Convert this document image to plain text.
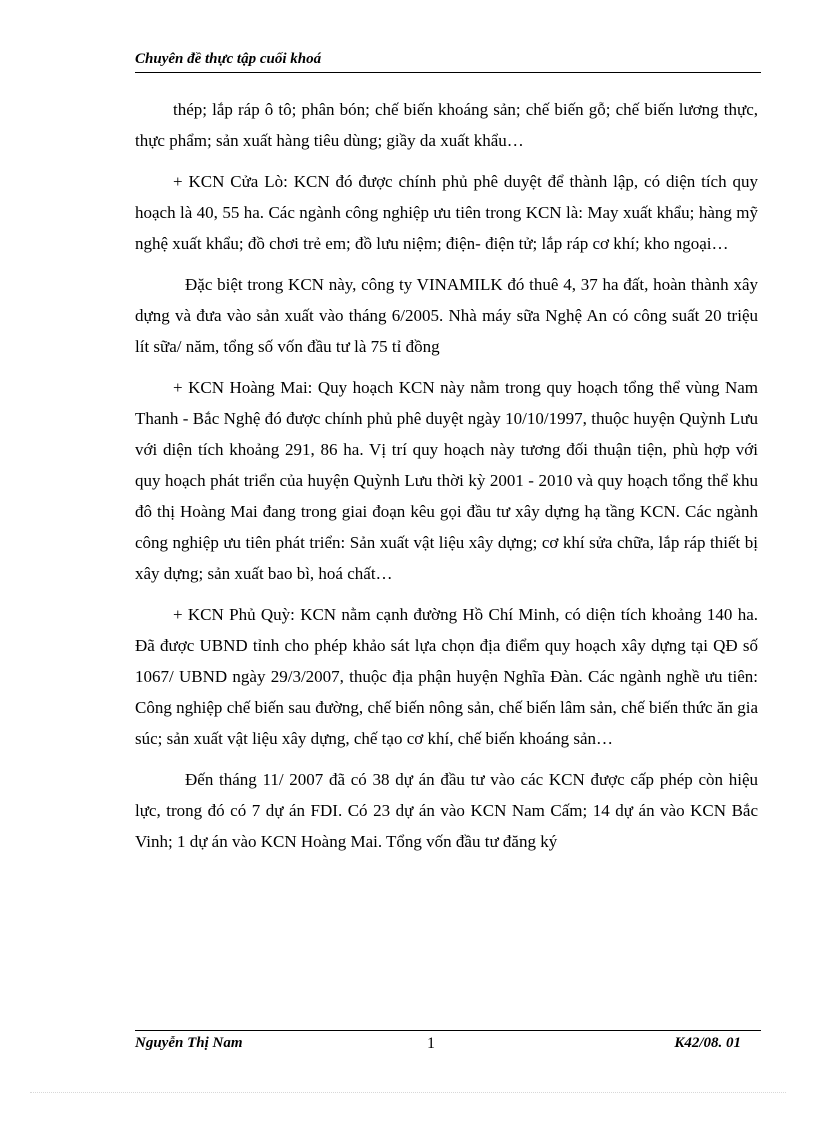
Chuyên đề thực tập cuối khoá

thép; lắp ráp ô tô; phân bón; chế biến khoáng sản; chế biến gỗ; chế biến lương thực, thực phẩm; sản xuất hàng tiêu dùng; giầy da xuất khẩu…

+ KCN Cửa Lò: KCN đó được chính phủ phê duyệt để thành lập, có diện tích quy hoạch là 40, 55 ha. Các ngành công nghiệp ưu tiên trong KCN là: May xuất khẩu; hàng mỹ nghệ xuất khẩu; đồ chơi trẻ em; đồ lưu niệm; điện- điện tử; lắp ráp cơ khí; kho ngoại…

Đặc biệt trong KCN này, công ty VINAMILK đó thuê 4, 37 ha đất, hoàn thành xây dựng và đưa vào sản xuất vào tháng 6/2005. Nhà máy sữa Nghệ An có công suất 20 triệu lít sữa/ năm, tổng số vốn đầu tư là 75 tỉ đồng

+ KCN Hoàng Mai: Quy hoạch KCN này nằm trong quy hoạch tổng thể vùng Nam Thanh - Bắc Nghệ đó được chính phủ phê duyệt ngày 10/10/1997, thuộc huyện Quỳnh Lưu với diện tích khoảng 291, 86 ha. Vị trí quy hoạch này tương đối thuận tiện, phù hợp với quy hoạch phát triển của huyện Quỳnh Lưu thời kỳ 2001 - 2010 và quy hoạch tổng thể khu đô thị Hoàng Mai đang trong giai đoạn kêu gọi đầu tư xây dựng hạ tầng KCN. Các ngành công nghiệp ưu tiên phát triển: Sản xuất vật liệu xây dựng; cơ khí sửa chữa, lắp ráp thiết bị xây dựng; sản xuất bao bì, hoá chất…

+ KCN Phủ Quỳ: KCN nằm cạnh đường Hồ Chí Minh, có diện tích khoảng 140 ha. Đã được UBND tỉnh cho phép khảo sát lựa chọn địa điểm quy hoạch xây dựng tại QĐ số 1067/ UBND ngày 29/3/2007, thuộc địa phận huyện Nghĩa Đàn. Các ngành nghề ưu tiên: Công nghiệp chế biến sau đường, chế biến nông sản, chế biến lâm sản, chế biến thức ăn gia súc; sản xuất vật liệu xây dựng, chế tạo cơ khí, chế biến khoáng sản…

Đến tháng 11/ 2007 đã có 38 dự án đầu tư vào các KCN được cấp phép còn hiệu lực, trong đó có 7 dự án FDI. Có 23 dự án vào KCN Nam Cấm; 14 dự án vào KCN Bắc Vinh; 1 dự án vào KCN Hoàng Mai. Tổng vốn đầu tư đăng ký

Nguyễn Thị Nam	1	K42/08. 01
